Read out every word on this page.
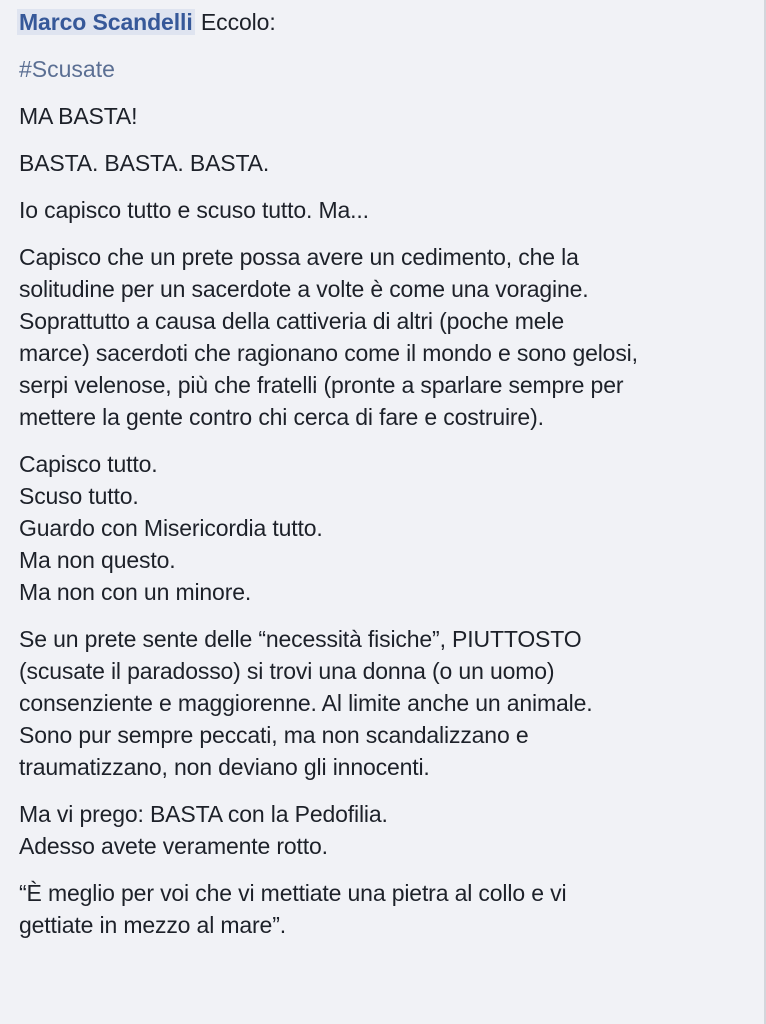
Marco Scandelli Eccolo:
#Scusate
MA BASTA!
BASTA. BASTA. BASTA.
Io capisco tutto e scuso tutto. Ma...
Capisco che un prete possa avere un cedimento, che la
solitudine per un sacerdote a volte è come una voragine.
Soprattutto a causa della cattiveria di altri (poche mele
marce) sacerdoti che ragionano come il mondo e sono gelosi,
serpi velenose, più che fratelli (pronte a sparlare sempre per
mettere la gente contro chi cerca di fare e costruire).
Capisco tutto.
Scuso tutto.
Guardo con Misericordia tutto.
Ma non questo.
Ma non con un minore.
Se un prete sente delle “necessità fisiche”, PIUTTOSTO
(scusate il paradosso) si trovi una donna (o un uomo)
consenziente e maggiorenne. Al limite anche un animale.
Sono pur sempre peccati, ma non scandalizzano e
traumatizzano, non deviano gli innocenti.
Ma vi prego: BASTA con la Pedofilia.
Adesso avete veramente rotto.
“È meglio per voi che vi mettiate una pietra al collo e vi
gettiate in mezzo al mare”.
